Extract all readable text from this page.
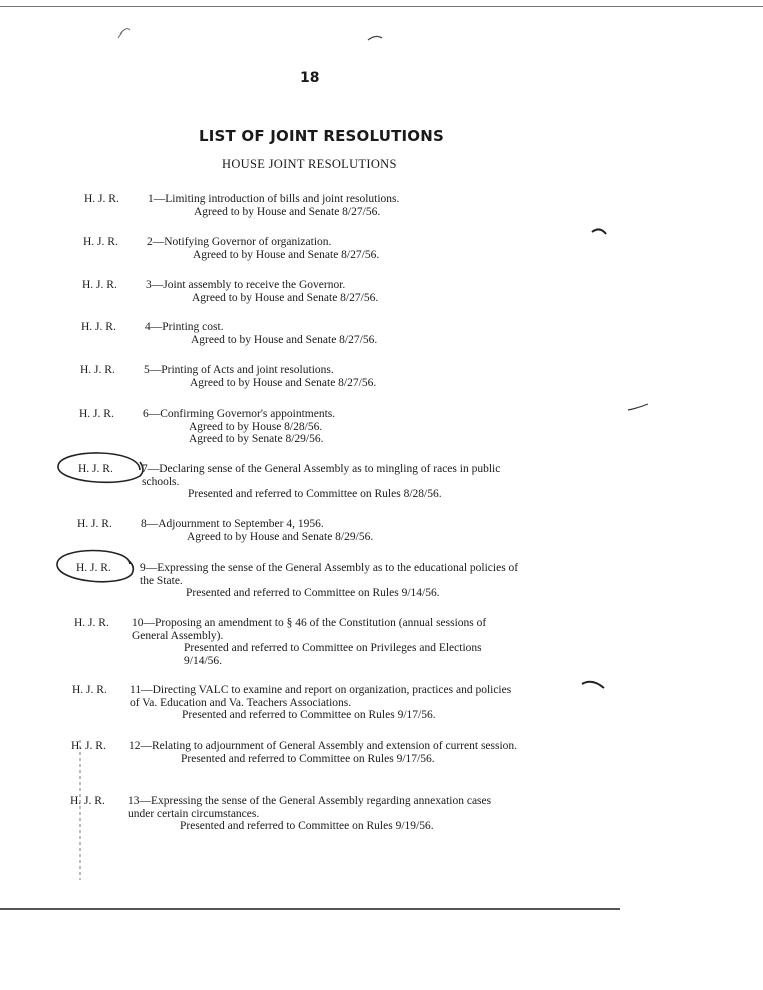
18
LIST OF JOINT RESOLUTIONS
HOUSE JOINT RESOLUTIONS
H. J. R.	1—Limiting introduction of bills and joint resolutions.
Agreed to by House and Senate 8/27/56.
H. J. R.	2—Notifying Governor of organization.
Agreed to by House and Senate 8/27/56.
H. J. R.	3—Joint assembly to receive the Governor.
Agreed to by House and Senate 8/27/56.
H. J. R.	4—Printing cost.
Agreed to by House and Senate 8/27/56.
H. J. R.	5—Printing of Acts and joint resolutions.
Agreed to by House and Senate 8/27/56.
H. J. R.	6—Confirming Governor's appointments.
Agreed to by House 8/28/56.
Agreed to by Senate 8/29/56.
H. J. R.	7—Declaring sense of the General Assembly as to mingling of races in public schools.
Presented and referred to Committee on Rules 8/28/56.
H. J. R.	8—Adjournment to September 4, 1956.
Agreed to by House and Senate 8/29/56.
H. J. R.	9—Expressing the sense of the General Assembly as to the educational policies of the State.
Presented and referred to Committee on Rules 9/14/56.
H. J. R. 10—Proposing an amendment to § 46 of the Constitution (annual sessions of General Assembly).
Presented and referred to Committee on Privileges and Elections 9/14/56.
H. J. R. 11—Directing VALC to examine and report on organization, practices and policies of Va. Education and Va. Teachers Associations.
Presented and referred to Committee on Rules 9/17/56.
H. J. R. 12—Relating to adjournment of General Assembly and extension of current session.
Presented and referred to Committee on Rules 9/17/56.
H. J. R. 13—Expressing the sense of the General Assembly regarding annexation cases under certain circumstances.
Presented and referred to Committee on Rules 9/19/56.
